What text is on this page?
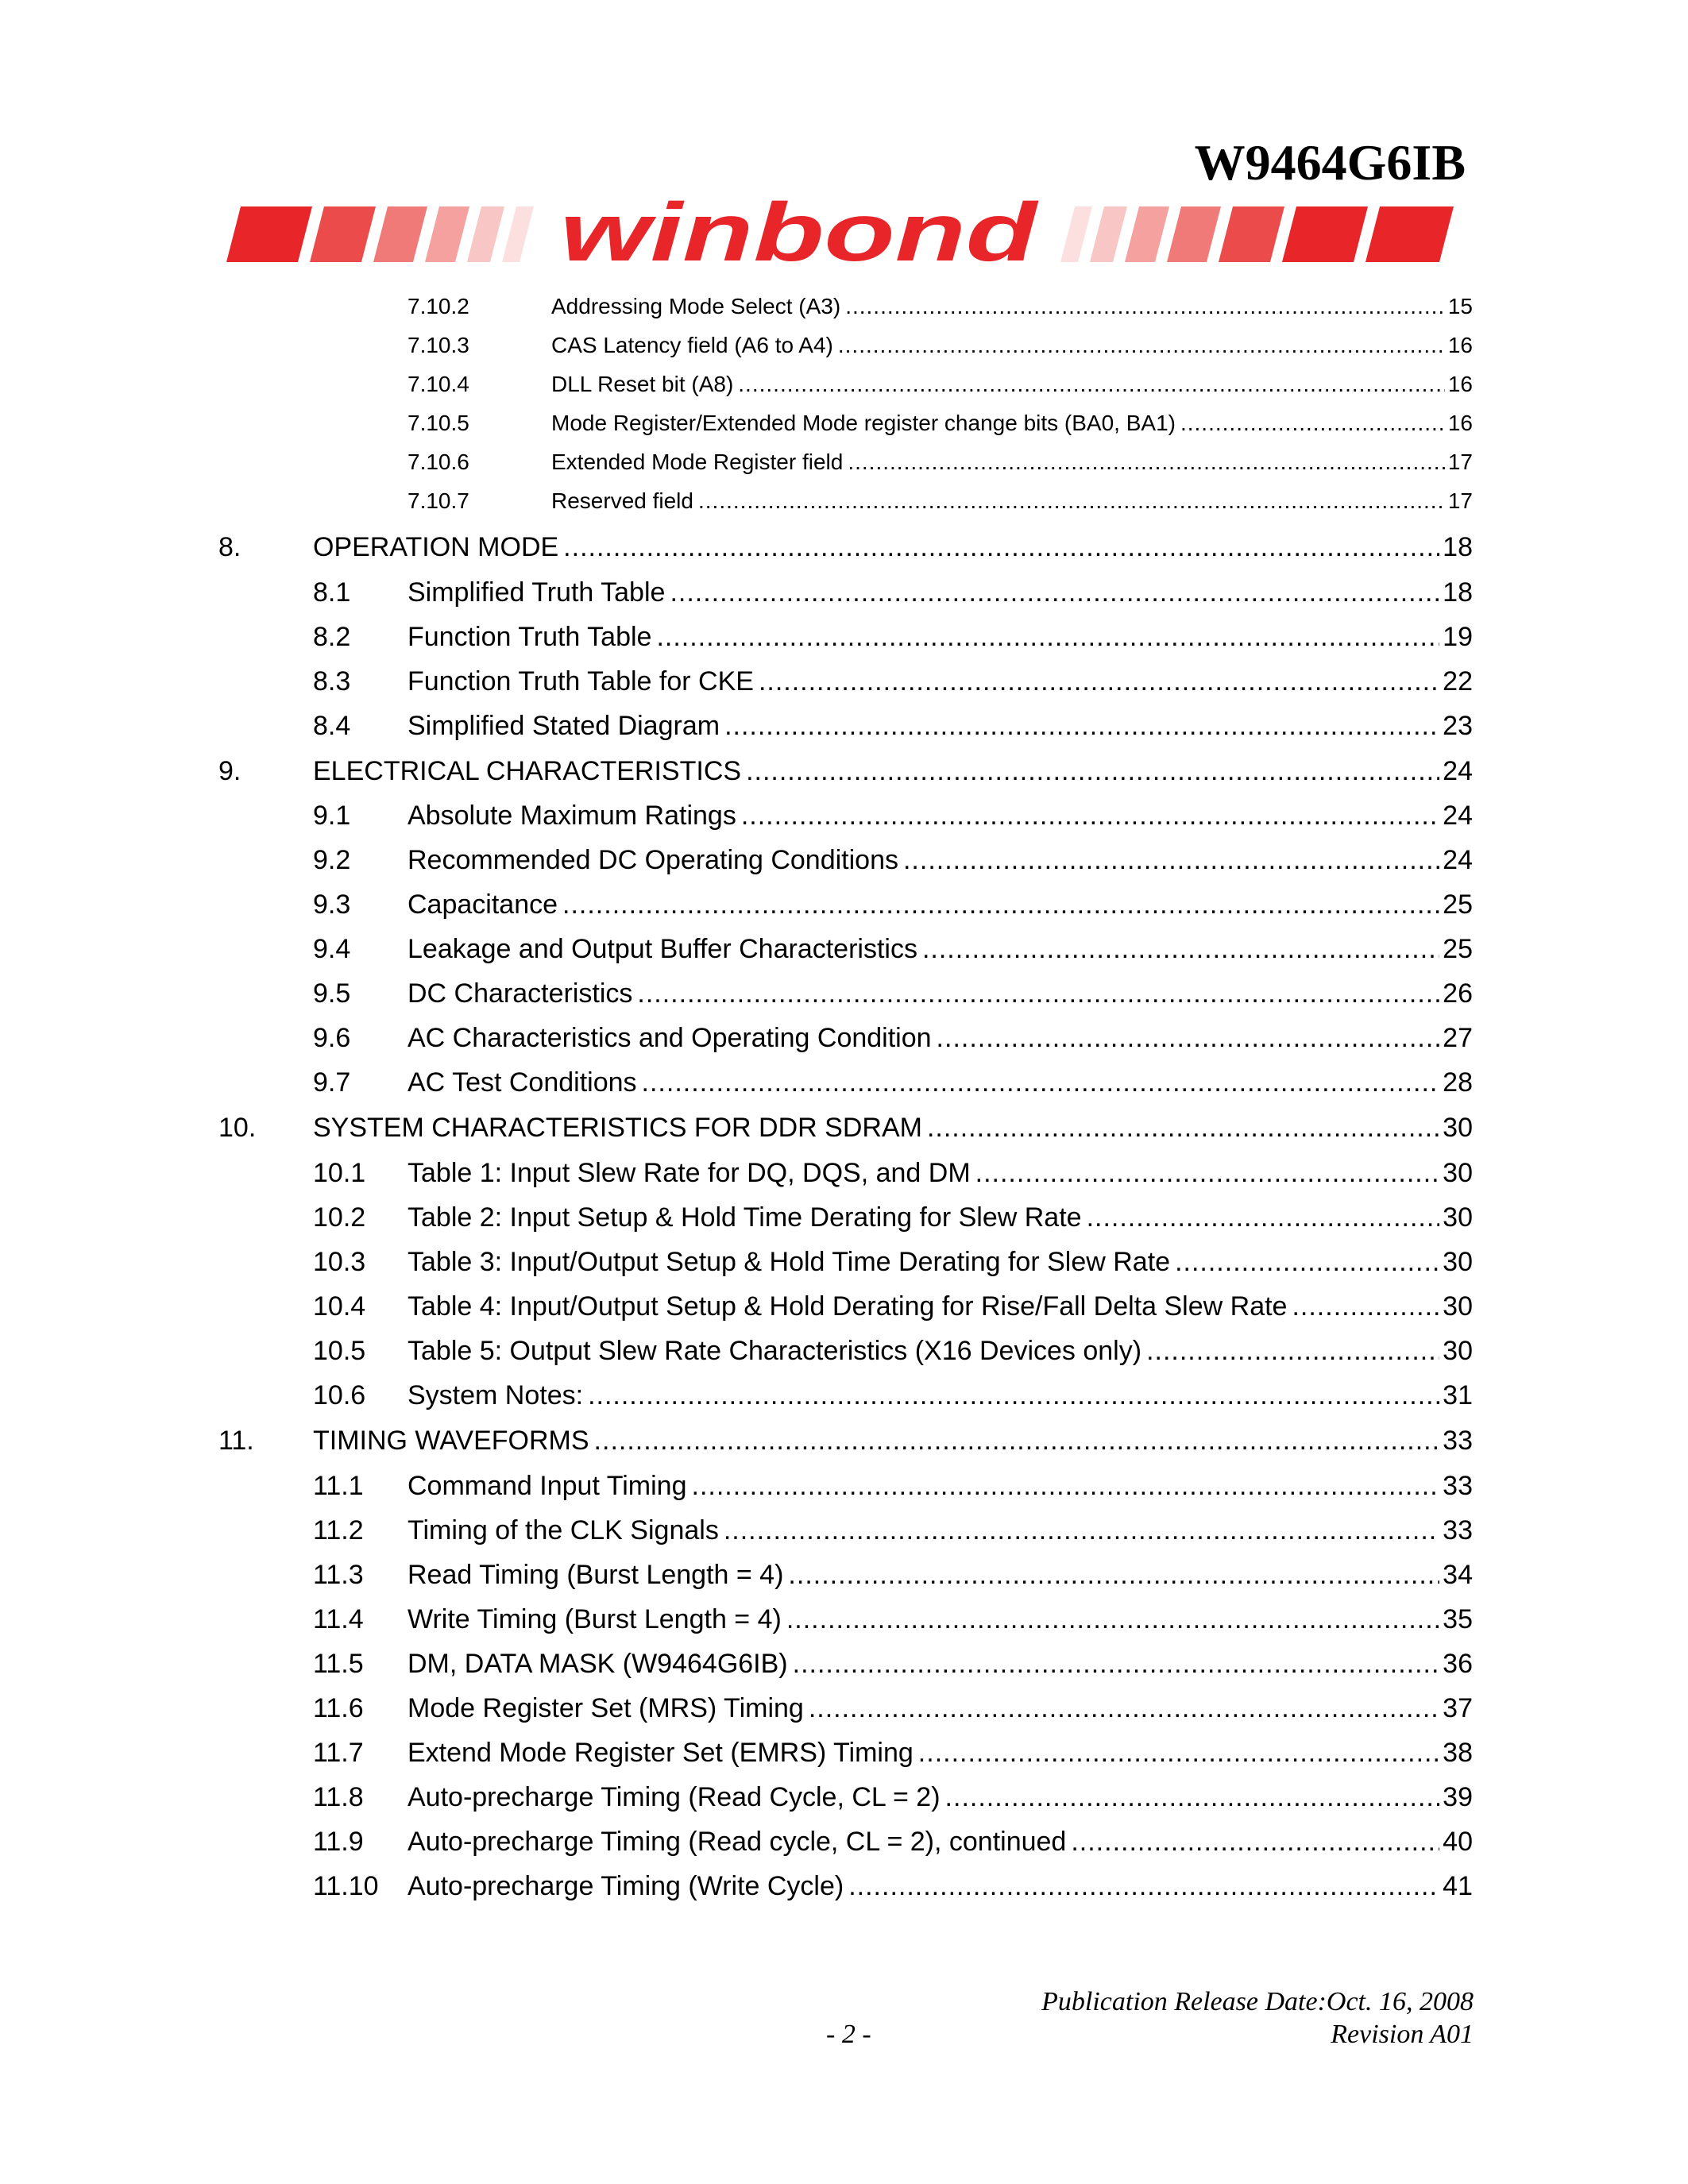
W9464G6IB
winbond
7.10.2	Addressing Mode Select (A3) .....	15
7.10.3	CAS Latency field (A6 to A4) .....	16
7.10.4	DLL Reset bit (A8) .....	16
7.10.5	Mode Register/Extended Mode register change bits (BA0, BA1) .....	16
7.10.6	Extended Mode Register field .....	17
7.10.7	Reserved field .....	17
8.	OPERATION MODE .....	18
8.1 Simplified Truth Table .....	18
8.2 Function Truth Table .....	19
8.3 Function Truth Table for CKE .....	22
8.4 Simplified Stated Diagram .....	23
9.	ELECTRICAL CHARACTERISTICS .....	24
9.1 Absolute Maximum Ratings .....	24
9.2 Recommended DC Operating Conditions .....	24
9.3 Capacitance .....	25
9.4 Leakage and Output Buffer Characteristics .....	25
9.5 DC Characteristics .....	26
9.6 AC Characteristics and Operating Condition .....	27
9.7 AC Test Conditions .....	28
10. SYSTEM CHARACTERISTICS FOR DDR SDRAM .....	30
10.1 Table 1: Input Slew Rate for DQ, DQS, and DM .....	30
10.2 Table 2: Input Setup & Hold Time Derating for Slew Rate .....	30
10.3 Table 3: Input/Output Setup & Hold Time Derating for Slew Rate .....	30
10.4 Table 4: Input/Output Setup & Hold Derating for Rise/Fall Delta Slew Rate .....	30
10.5 Table 5: Output Slew Rate Characteristics (X16 Devices only) .....	30
10.6 System Notes: .....	31
11. TIMING WAVEFORMS .....	33
11.1 Command Input Timing .....	33
11.2 Timing of the CLK Signals .....	33
11.3 Read Timing (Burst Length = 4) .....	34
11.4 Write Timing (Burst Length = 4) .....	35
11.5 DM, DATA MASK (W9464G6IB) .....	36
11.6 Mode Register Set (MRS) Timing .....	37
11.7 Extend Mode Register Set (EMRS) Timing .....	38
11.8 Auto-precharge Timing (Read Cycle, CL = 2) .....	39
11.9 Auto-precharge Timing (Read cycle, CL = 2), continued .....	40
11.10 Auto-precharge Timing (Write Cycle) .....	41
Publication Release Date:Oct. 16, 2008
- 2 -	Revision A01
